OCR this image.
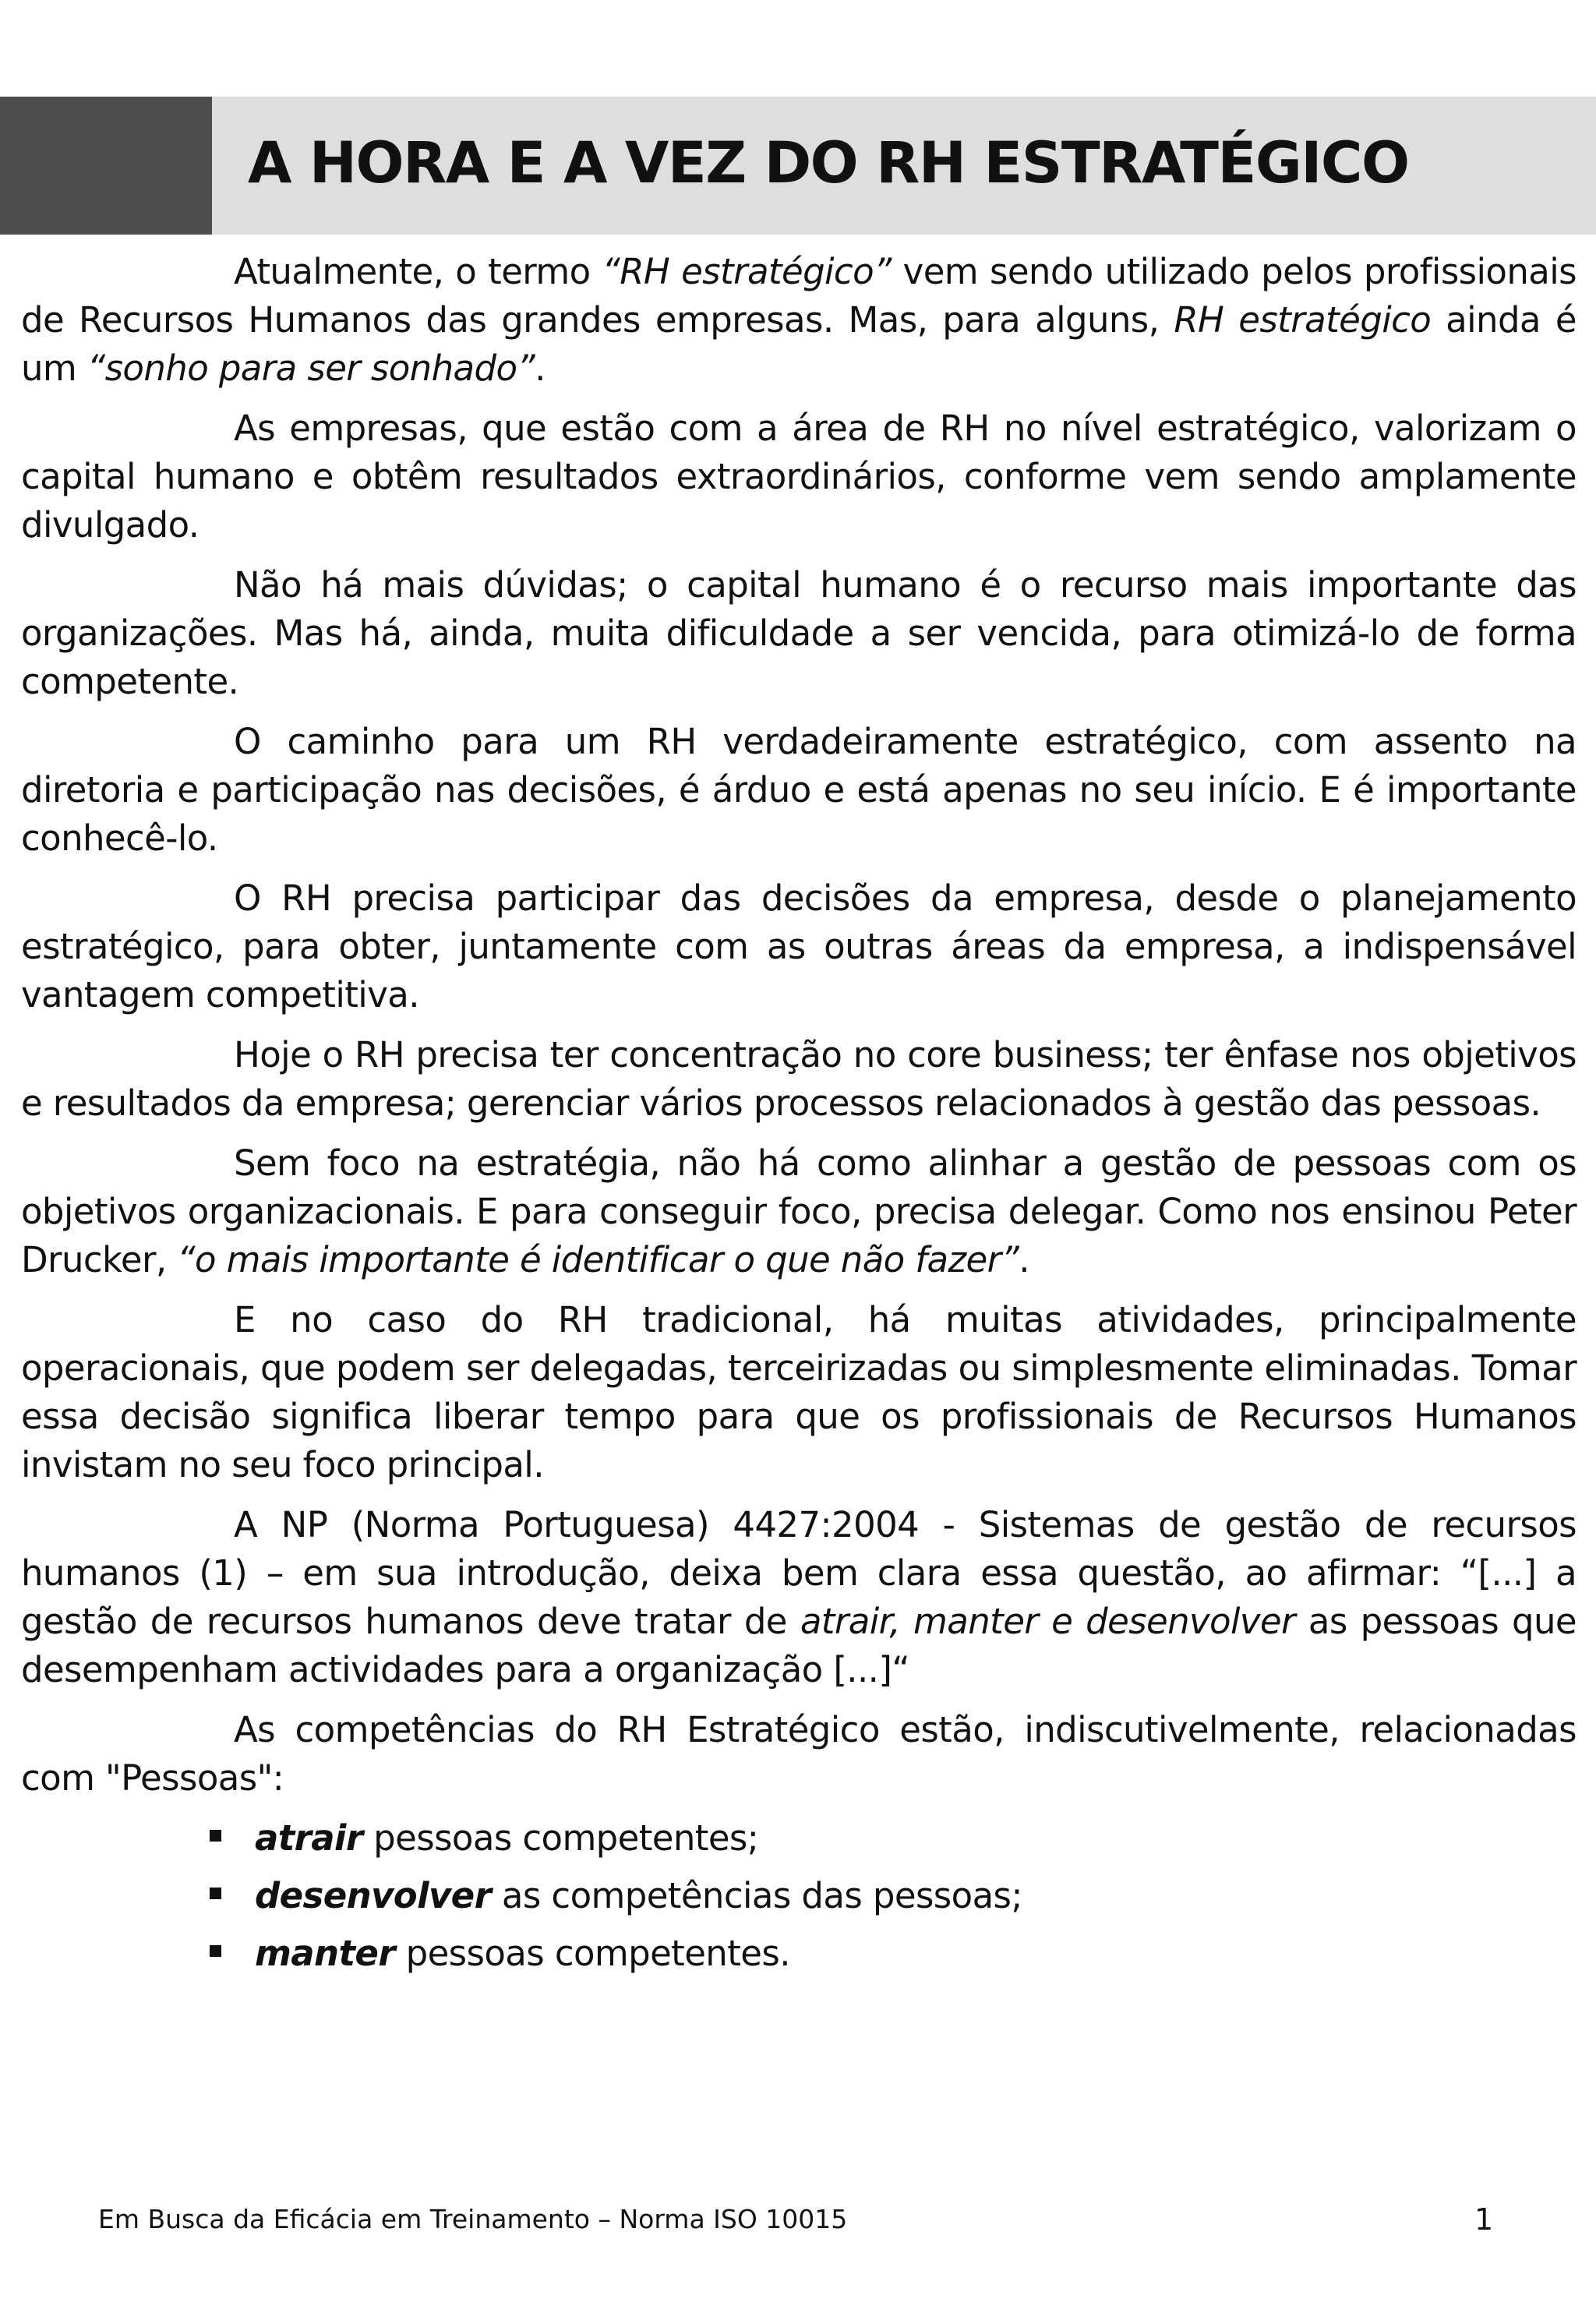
A HORA E A VEZ DO RH ESTRATÉGICO

Atualmente, o termo “RH estratégico” vem sendo utilizado pelos profissionais de Recursos Humanos das grandes empresas. Mas, para alguns, RH estratégico ainda é um “sonho para ser sonhado”.

As empresas, que estão com a área de RH no nível estratégico, valorizam o capital humano e obtêm resultados extraordinários, conforme vem sendo amplamente divulgado.

Não há mais dúvidas; o capital humano é o recurso mais importante das organizações. Mas há, ainda, muita dificuldade a ser vencida, para otimizá-lo de forma competente.

O caminho para um RH verdadeiramente estratégico, com assento na diretoria e participação nas decisões, é árduo e está apenas no seu início. E é importante conhecê-lo.

O RH precisa participar das decisões da empresa, desde o planejamento estratégico, para obter, juntamente com as outras áreas da empresa, a indispensável vantagem competitiva.

Hoje o RH precisa ter concentração no core business; ter ênfase nos objetivos e resultados da empresa; gerenciar vários processos relacionados à gestão das pessoas.

Sem foco na estratégia, não há como alinhar a gestão de pessoas com os objetivos organizacionais. E para conseguir foco, precisa delegar. Como nos ensinou Peter Drucker, “o mais importante é identificar o que não fazer”.

E no caso do RH tradicional, há muitas atividades, principalmente operacionais, que podem ser delegadas, terceirizadas ou simplesmente eliminadas. Tomar essa decisão significa liberar tempo para que os profissionais de Recursos Humanos invistam no seu foco principal.

A NP (Norma Portuguesa) 4427:2004 - Sistemas de gestão de recursos humanos (1) – em sua introdução, deixa bem clara essa questão, ao afirmar: “[...] a gestão de recursos humanos deve tratar de atrair, manter e desenvolver as pessoas que desempenham actividades para a organização [...]“

As competências do RH Estratégico estão, indiscutivelmente, relacionadas com "Pessoas":

atrair pessoas competentes;
desenvolver as competências das pessoas;
manter pessoas competentes.
Em Busca da Eficácia em Treinamento – Norma ISO 10015	1
